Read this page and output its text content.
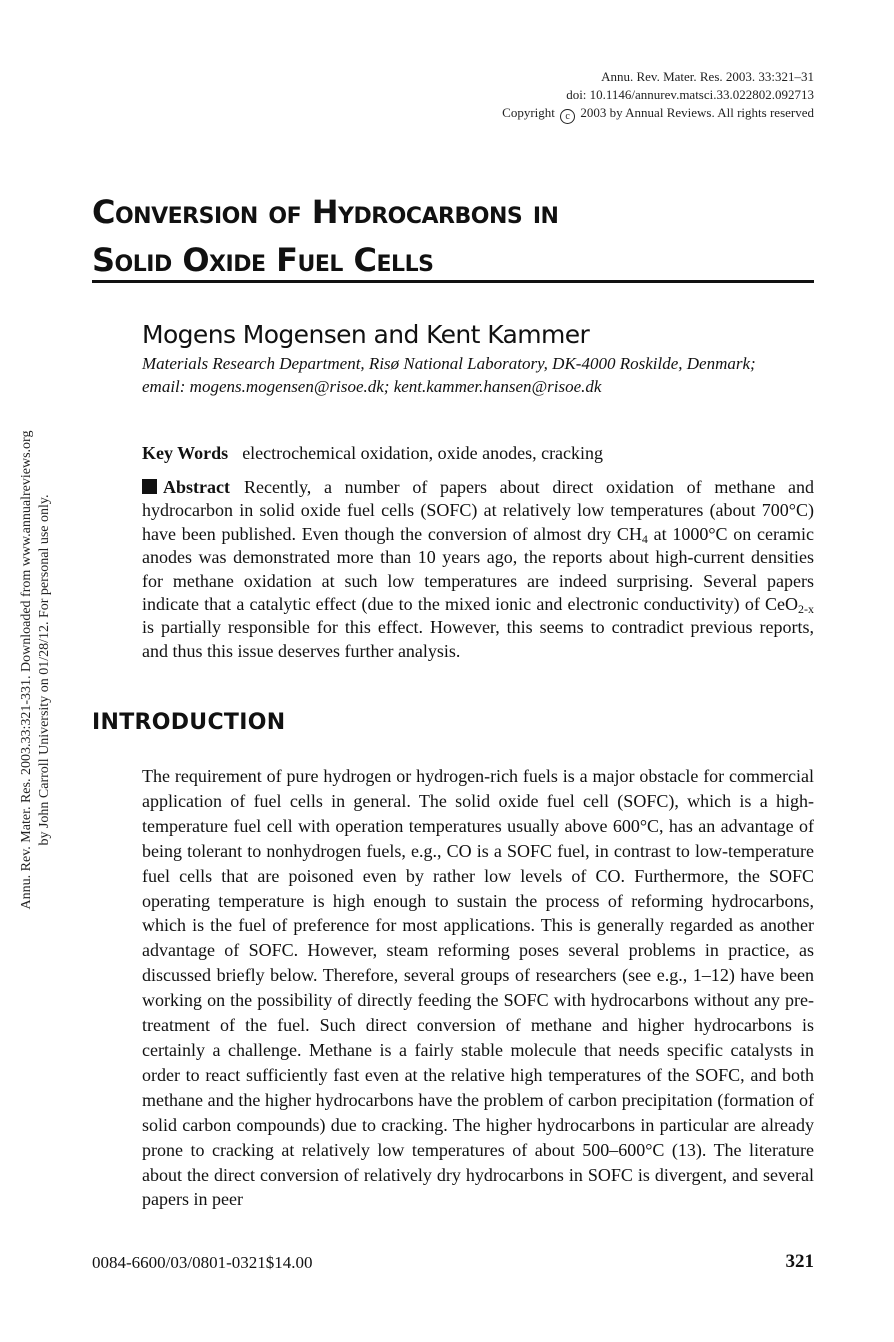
Annu. Rev. Mater. Res. 2003.33:321-331. Downloaded from www.annualreviews.org by John Carroll University on 01/28/12. For personal use only.
Annu. Rev. Mater. Res. 2003. 33:321–31
doi: 10.1146/annurev.matsci.33.022802.092713
Copyright c 2003 by Annual Reviews. All rights reserved
Conversion of Hydrocarbons in
Solid Oxide Fuel Cells
Mogens Mogensen and Kent Kammer
Materials Research Department, Risø National Laboratory, DK-4000 Roskilde, Denmark;
email: mogens.mogensen@risoe.dk; kent.kammer.hansen@risoe.dk
Key Words electrochemical oxidation, oxide anodes, cracking

Abstract Recently, a number of papers about direct oxidation of methane and hydrocarbon in solid oxide fuel cells (SOFC) at relatively low temperatures (about 700°C) have been published. Even though the conversion of almost dry $CH_4$ at 1000°C on ceramic anodes was demonstrated more than 10 years ago, the reports about high-current densities for methane oxidation at such low temperatures are indeed surprising. Several papers indicate that a catalytic effect (due to the mixed ionic and electronic conductivity) of CeO$_{2-x}$ is partially responsible for this effect. However, this seems to contradict previous reports, and thus this issue deserves further analysis.

INTRODUCTION

The requirement of pure hydrogen or hydrogen-rich fuels is a major obstacle for commercial application of fuel cells in general. The solid oxide fuel cell (SOFC), which is a high-temperature fuel cell with operation temperatures usually above 600°C, has an advantage of being tolerant to nonhydrogen fuels, e.g., CO is a SOFC fuel, in contrast to low-temperature fuel cells that are poisoned even by rather low levels of CO. Furthermore, the SOFC operating temperature is high enough to sustain the process of reforming hydrocarbons, which is the fuel of preference for most applications. This is generally regarded as another advantage of SOFC. However, steam reforming poses several problems in practice, as discussed briefly below. Therefore, several groups of researchers (see e.g., 1–12) have been working on the possibility of directly feeding the SOFC with hydrocarbons without any pre-treatment of the fuel. Such direct conversion of methane and higher hydrocarbons is certainly a challenge. Methane is a fairly stable molecule that needs specific catalysts in order to react sufficiently fast even at the relative high temperatures of the SOFC, and both methane and the higher hydrocarbons have the problem of carbon precipitation (formation of solid carbon compounds) due to cracking. The higher hydrocarbons in particular are already prone to cracking at relatively low temperatures of about 500–600°C (13). The literature about the direct conversion of relatively dry hydrocarbons in SOFC is divergent, and several papers in peer

0084-6600/03/0801-0321$14.00	321
